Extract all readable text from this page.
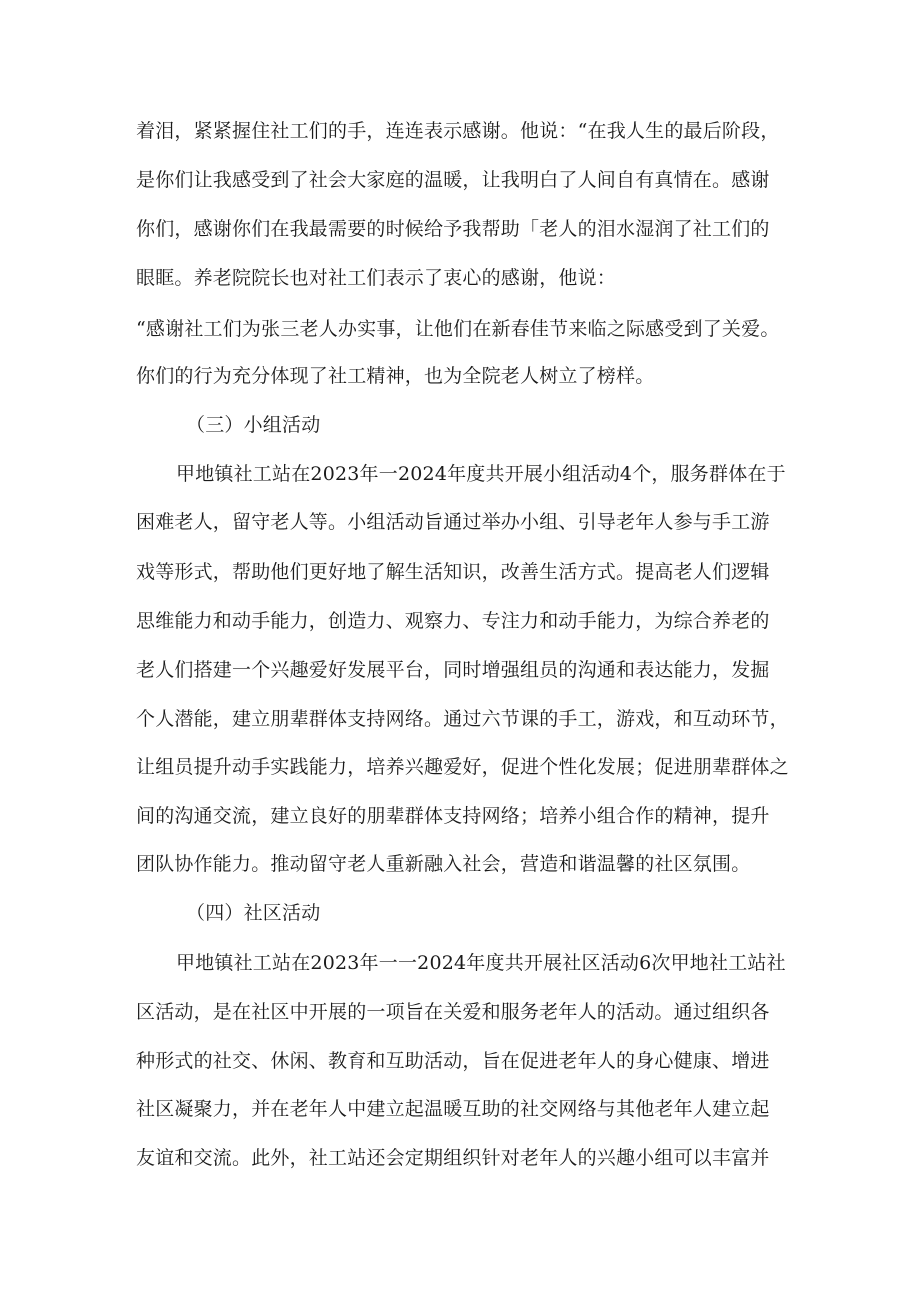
着泪，紧紧握住社工们的手，连连表示感谢。他说：“在我人生的最后阶段，
是你们让我感受到了社会大家庭的温暖，让我明白了人间自有真情在。感谢
你们，感谢你们在我最需要的时候给予我帮助「老人的泪水湿润了社工们的
眼眶。养老院院长也对社工们表示了衷心的感谢，他说：
“感谢社工们为张三老人办实事，让他们在新春佳节来临之际感受到了关爱。
你们的行为充分体现了社工精神，也为全院老人树立了榜样。
（三）小组活动
甲地镇社工站在2023年一2024年度共开展小组活动4个，服务群体在于
困难老人，留守老人等。小组活动旨通过举办小组、引导老年人参与手工游
戏等形式，帮助他们更好地了解生活知识，改善生活方式。提高老人们逻辑
思维能力和动手能力，创造力、观察力、专注力和动手能力，为综合养老的
老人们搭建一个兴趣爱好发展平台，同时增强组员的沟通和表达能力，发掘
个人潜能，建立朋辈群体支持网络。通过六节课的手工，游戏，和互动环节，
让组员提升动手实践能力，培养兴趣爱好，促进个性化发展；促进朋辈群体之
间的沟通交流，建立良好的朋辈群体支持网络；培养小组合作的精神，提升
团队协作能力。推动留守老人重新融入社会，营造和谐温馨的社区氛围。
（四）社区活动
甲地镇社工站在2023年一一2024年度共开展社区活动6次甲地社工站社
区活动，是在社区中开展的一项旨在关爱和服务老年人的活动。通过组织各
种形式的社交、休闲、教育和互助活动，旨在促进老年人的身心健康、增进
社区凝聚力，并在老年人中建立起温暖互助的社交网络与其他老年人建立起
友谊和交流。此外，社工站还会定期组织针对老年人的兴趣小组可以丰富并
